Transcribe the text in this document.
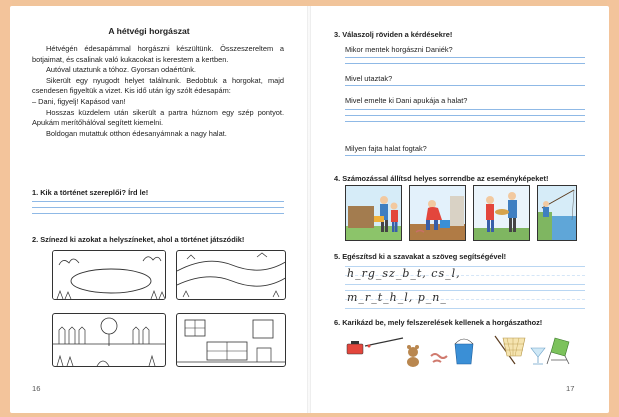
A hétvégi horgászat

Hétvégén édesapámmal horgászni készültünk. Összeszereltem a botjaimat, és csalinak való kukacokat is kerestem a kertben.

Autóval utaztunk a tóhoz. Gyorsan odaértünk.

Sikerült egy nyugodt helyet találnunk. Bedobtuk a horgokat, majd csendesen figyeltük a vizet. Kis idő után így szólt édesapám:

– Dani, figyelj! Kapásod van!

Hosszas küzdelem után sikerült a partra húznom egy szép pontyot. Apukám merítőhálóval segített kiemelni.

Boldogan mutattuk otthon édesanyámnak a nagy halat.

1. Kik a történet szereplői? Írd le!
2. Színezd ki azokat a helyszíneket, ahol a történet játszódik!
16
3. Válaszolj röviden a kérdésekre!
Mikor mentek horgászni Daniék?
Mivel utaztak?
Mivel emelte ki Dani apukája a halat?
Milyen fajta halat fogtak?
4. Számozással állítsd helyes sorrendbe az eseményképeket!
5. Egészítsd ki a szavakat a szöveg segítségével!
h_rg_sz_b_t, cs_l,
m_r_t_h_l, p_n_
6. Karikázd be, mely felszerelések kellenek a horgászathoz!
17
